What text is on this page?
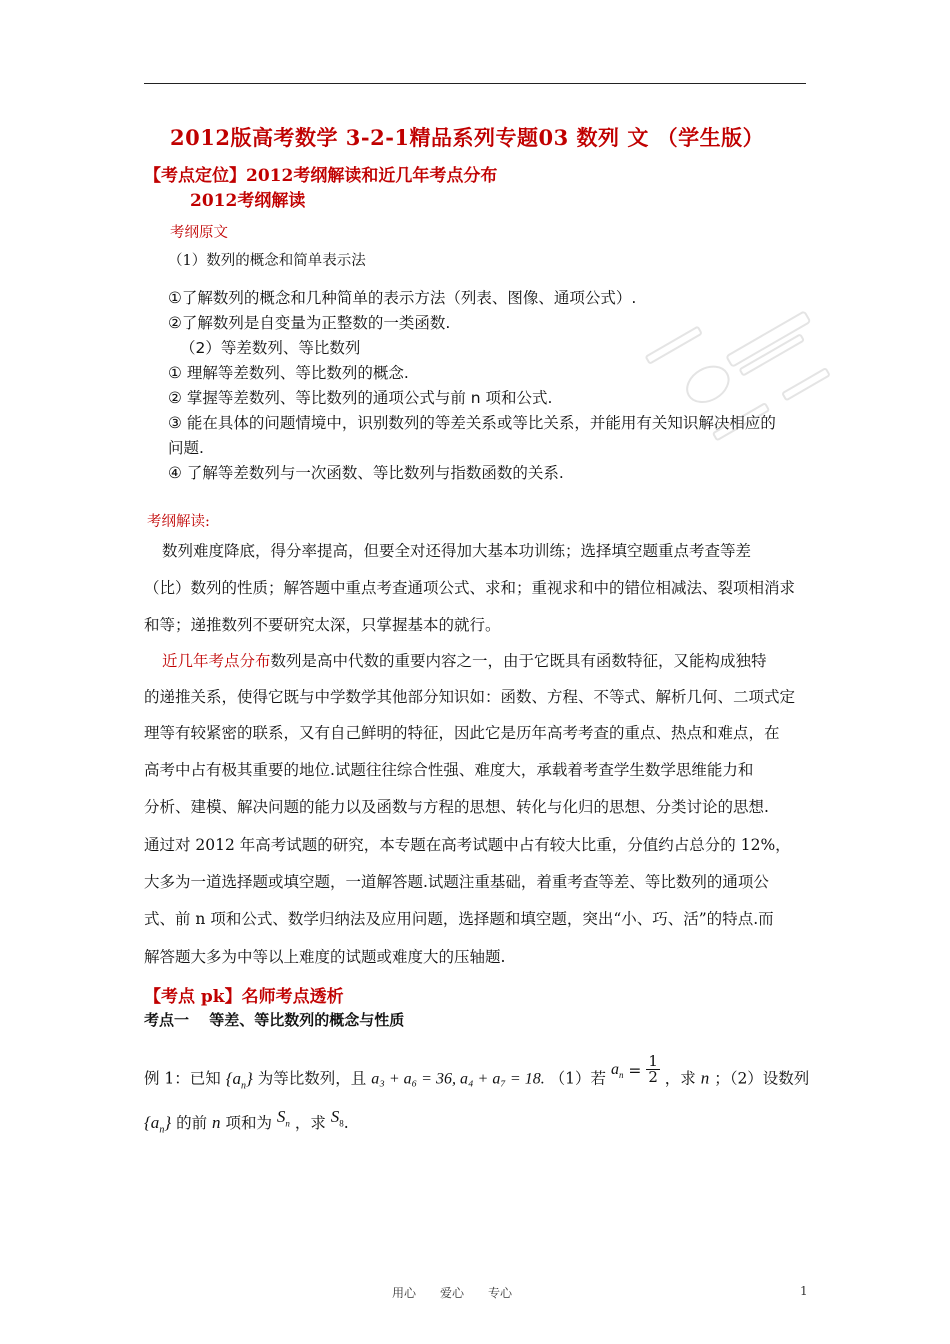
2012版高考数学 3-2-1精品系列专题03 数列 文 （学生版）
【考点定位】2012考纲解读和近几年考点分布
2012考纲解读
考纲原文
（1）数列的概念和简单表示法
①了解数列的概念和几种简单的表示方法（列表、图像、通项公式）.
②了解数列是自变量为正整数的一类函数.
（2）等差数列、等比数列
① 理解等差数列、等比数列的概念.
② 掌握等差数列、等比数列的通项公式与前 n 项和公式.
③ 能在具体的问题情境中，识别数列的等差关系或等比关系，并能用有关知识解决相应的
问题.
④ 了解等差数列与一次函数、等比数列与指数函数的关系.
考纲解读:
数列难度降底，得分率提高，但要全对还得加大基本功训练；选择填空题重点考查等差
（比）数列的性质；解答题中重点考查通项公式、求和；重视求和中的错位相减法、裂项相消求
和等；递推数列不要研究太深，只掌握基本的就行。
近几年考点分布数列是高中代数的重要内容之一，由于它既具有函数特征，又能构成独特
的递推关系，使得它既与中学数学其他部分知识如：函数、方程、不等式、解析几何、二项式定
理等有较紧密的联系，又有自己鲜明的特征，因此它是历年高考考查的重点、热点和难点，在
高考中占有极其重要的地位.试题往往综合性强、难度大，承载着考查学生数学思维能力和
分析、建模、解决问题的能力以及函数与方程的思想、转化与化归的思想、分类讨论的思想.
通过对 2012 年高考试题的研究，本专题在高考试题中占有较大比重，分值约占总分的 12%，
大多为一道选择题或填空题，一道解答题.试题注重基础，着重考查等差、等比数列的通项公
式、前 n 项和公式、数学归纳法及应用问题，选择题和填空题，突出“小、巧、活”的特点.而
解答题大多为中等以上难度的试题或难度大的压轴题.
【考点 pk】名师考点透析
考点一　 等差、等比数列的概念与性质
例 1：已知 $\{a_n\}$ 为等比数列，且 a₃ + a₆ = 36, a₄ + a₇ = 18. （1）若 $a_n = \frac{1}{2}$ ，求 n ；（2）设数列
$\{a_n\}$ 的前 n 项和为 $S_n$ ，求 $S_8$.
用心　　爱心　　专心	1
